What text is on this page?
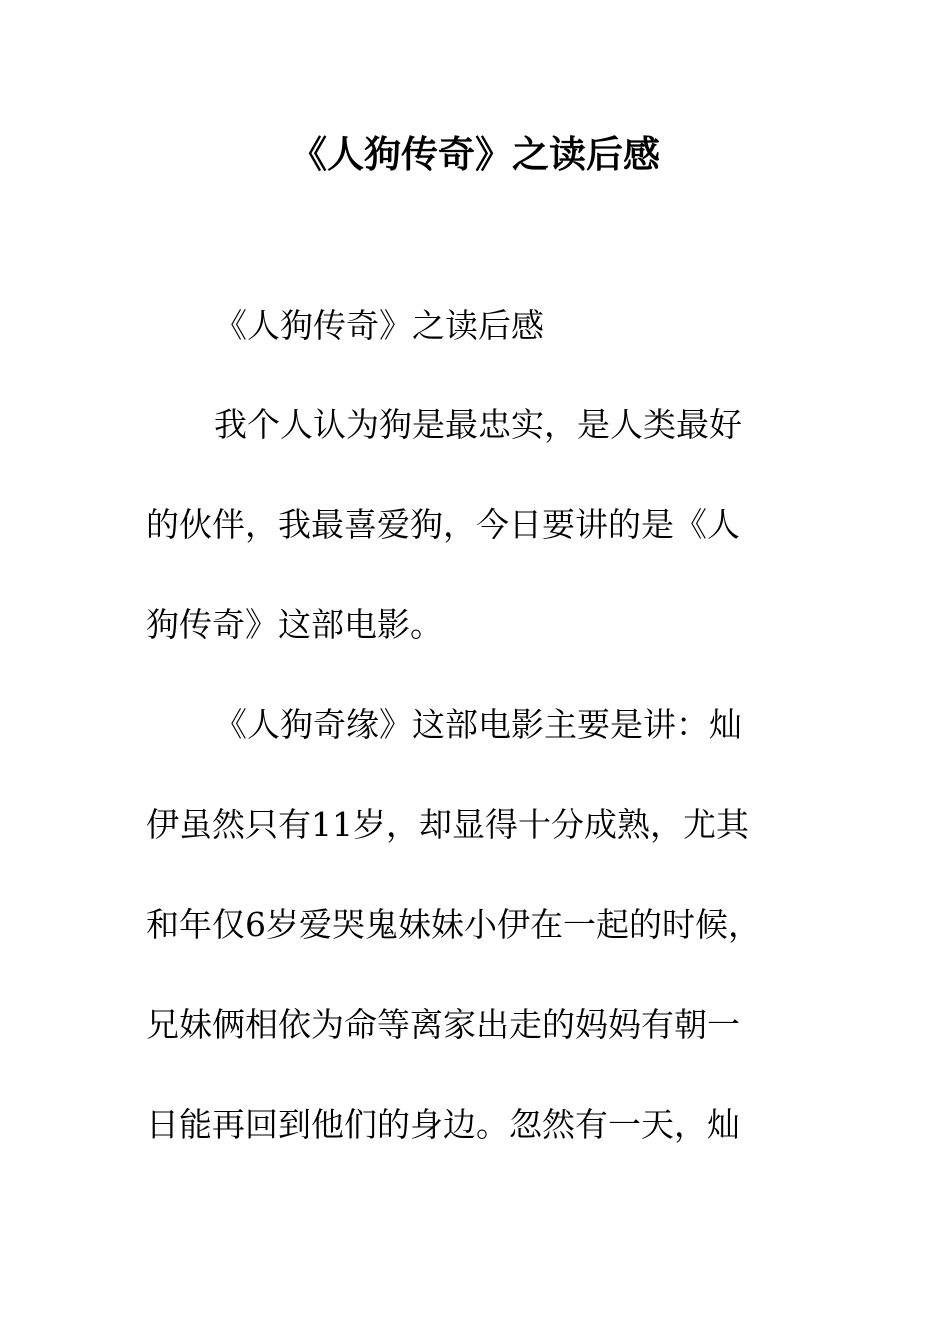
《人狗传奇》之读后感
《人狗传奇》之读后感
我个人认为狗是最忠实，是人类最好
的伙伴，我最喜爱狗，今日要讲的是《人
狗传奇》这部电影。
《人狗奇缘》这部电影主要是讲：灿
伊虽然只有11岁，却显得十分成熟，尤其
和年仅6岁爱哭鬼妹妹小伊在一起的时候，
兄妹俩相依为命等离家出走的妈妈有朝一
日能再回到他们的身边。忽然有一天，灿
